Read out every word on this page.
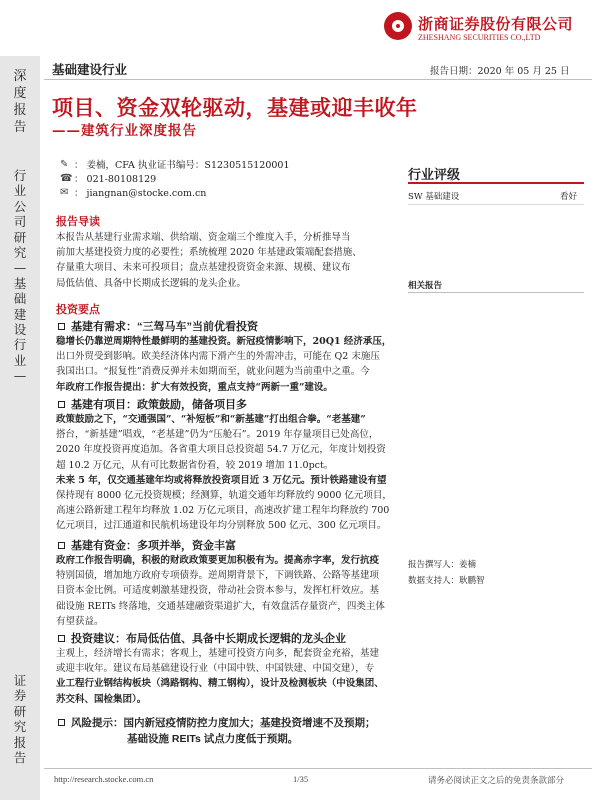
浙商证券股份有限公司
ZHESHANG SECURITIES CO.,LTD
基础建设行业	报告日期：2020 年 05 月 25 日
深
度
报
告
行
业
公
司
研
究
—
基
础
建
设
行
业
—
证
券
研
究
报
告
项目、资金双轮驱动，基建或迎丰收年
——建筑行业深度报告
✎ ： 姜楠，CFA 执业证书编号：S1230515120001
☎ ： 021-80108129
✉ ： jiangnan@stocke.com.cn
行业评级
SW 基础建设	看好
相关报告
报告撰写人：姜楠
数据支持人：耿鹏智
报告导读
本报告从基建行业需求端、供给端、资金端三个维度入手，分析推导当
前加大基建投资力度的必要性；系统梳理 2020 年基建政策端配套措施、
存量重大项目、未来可投项目；盘点基建投资资金来源、规模、建议布
局低估值、具备中长期成长逻辑的龙头企业。
投资要点
基建有需求：“三驾马车”当前优看投资
稳增长仍靠逆周期特性最鲜明的基建投资。新冠疫情影响下，20Q1 经济承压，
出口外贸受到影响。欧美经济体内需下滑产生的外需冲击，可能在 Q2 末施压
我国出口。“报复性”消费反弹并未如期而至，就业问题为当前重中之重。今
年政府工作报告提出：扩大有效投资，重点支持“两新一重”建设。
基建有项目：政策鼓励，储备项目多
政策鼓励之下，“交通强国”、“补短板”和“新基建”打出组合拳。“老基建”
搭台，“新基建”唱戏，“老基建”仍为“压舱石”。2019 年存量项目已处高位，
2020 年度投资再度追加。各省重大项目总投资超 54.7 万亿元，年度计划投资
超 10.2 万亿元，从有可比数据省份看，较 2019 增加 11.0pct。
未来 5 年，仅交通基建年均或将释放投资项目近 3 万亿元。预计铁路建设有望
保持现有 8000 亿元投资规模；经测算，轨道交通年均释放约 9000 亿元项目，
高速公路新建工程年均释放 1.02 万亿元项目，高速改扩建工程年均释放约 700
亿元项目，过江通道和民航机场建设年均分别释放 500 亿元、300 亿元项目。
基建有资金：多项并举，资金丰富
政府工作报告明确，积极的财政政策要更加积极有为。提高赤字率，发行抗疫
特别国债，增加地方政府专项债券。逆周期背景下，下调铁路、公路等基建项
目资本金比例。可适度刺激基建投资，带动社会资本参与，发挥杠杆效应。基
础设施 REITs 终落地，交通基建融资渠道扩大，有效盘活存量资产，四类主体
有望获益。
投资建议：布局低估值、具备中长期成长逻辑的龙头企业
主观上，经济增长有需求；客观上，基建可投资方向多，配套资金充裕，基建
或迎丰收年。建议布局基础建设行业（中国中铁、中国铁建、中国交建），专
业工程行业钢结构板块（鸿路钢构、精工钢构），设计及检测板块（中设集团、
苏交科、国检集团）。
风险提示：国内新冠疫情防控力度加大；基建投资增速不及预期；
基础设施 REITs 试点力度低于预期。
http://research.stocke.com.cn	1/35	请务必阅读正文之后的免责条款部分
